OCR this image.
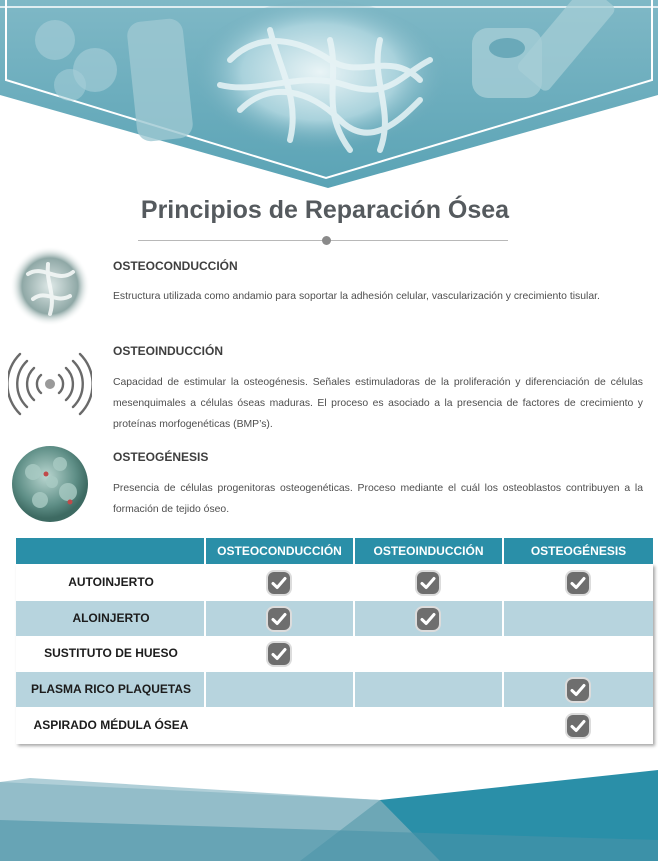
Principios de Reparación Ósea
OSTEOCONDUCCIÓN
Estructura utilizada como andamio para soportar la adhesión celular, vascularización y crecimiento tisular.
OSTEOINDUCCIÓN
Capacidad de estimular la osteogénesis. Señales estimuladoras de la proliferación y diferenciación de células mesenquimales a células óseas maduras. El proceso es asociado a la presencia de factores de crecimiento y proteínas morfogenéticas (BMP’s).
OSTEOGÉNESIS
Presencia de células progenitoras osteogenéticas. Proceso mediante el cuál los osteoblastos contribuyen a la formación de tejido óseo.
OSTEOCONDUCCIÓN	OSTEOINDUCCIÓN	OSTEOGÉNESIS
AUTOINJERTO
ALOINJERTO
SUSTITUTO DE HUESO
PLASMA RICO PLAQUETAS
ASPIRADO MÉDULA ÓSEA
